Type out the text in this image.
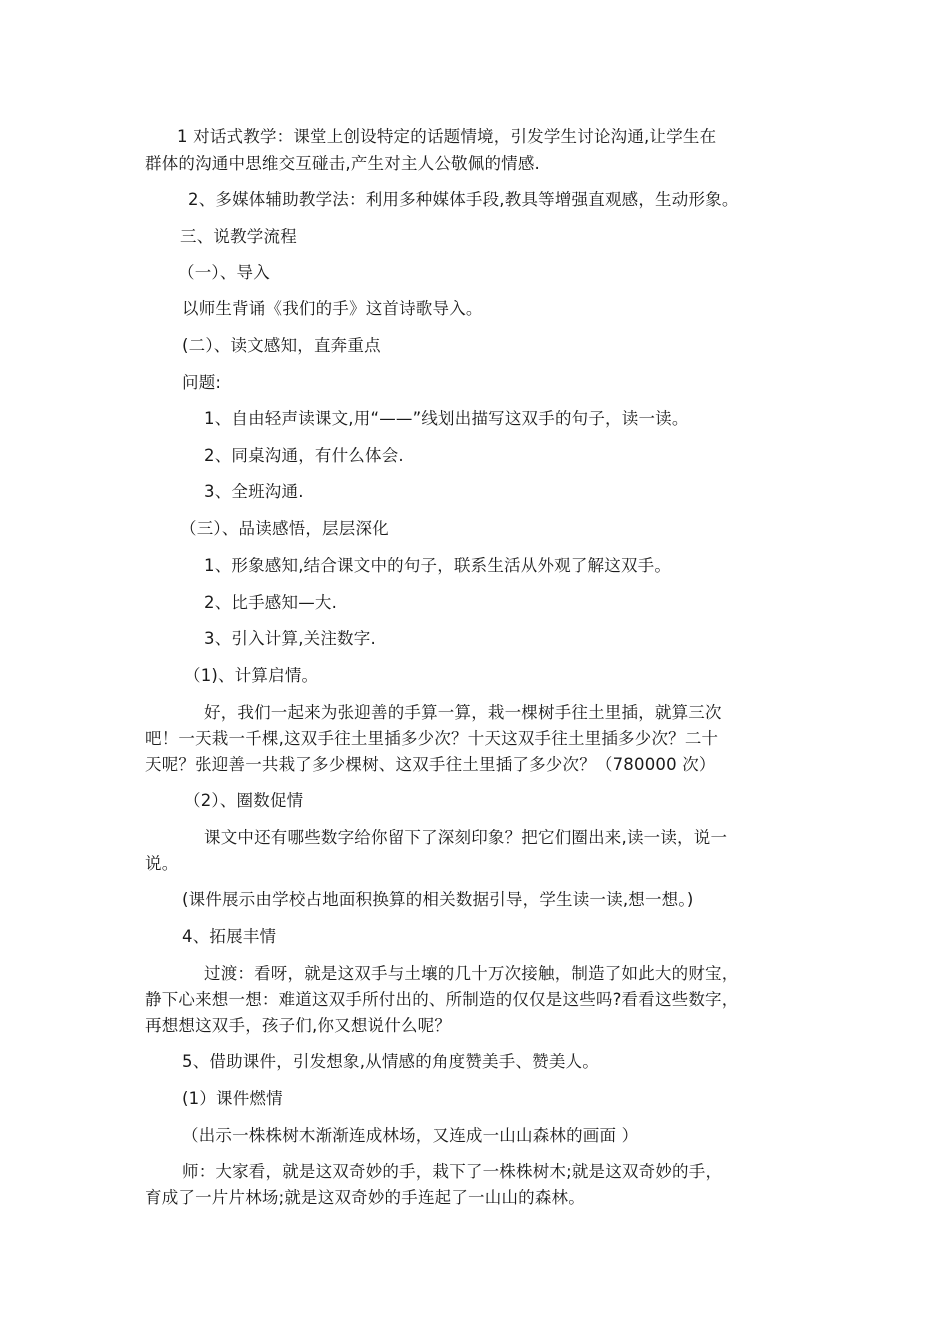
1 对话式教学：课堂上创设特定的话题情境，引发学生讨论沟通,让学生在
群体的沟通中思维交互碰击,产生对主人公敬佩的情感.
2、多媒体辅助教学法：利用多种媒体手段,教具等增强直观感，生动形象。
三、说教学流程
（一）、导入
以师生背诵《我们的手》这首诗歌导入。
(二）、读文感知，直奔重点
问题:
1、自由轻声读课文,用“——”线划出描写这双手的句子，读一读。
2、同桌沟通，有什么体会.
3、全班沟通.
（三）、品读感悟，层层深化
1、形象感知,结合课文中的句子，联系生活从外观了解这双手。
2、比手感知—大.
3、引入计算,关注数字.
（1)、计算启情。
好，我们一起来为张迎善的手算一算，栽一棵树手往土里插，就算三次
吧！一天栽一千棵,这双手往土里插多少次？十天这双手往土里插多少次？二十
天呢？张迎善一共栽了多少棵树、这双手往土里插了多少次？（780000 次）
（2）、圈数促情
课文中还有哪些数字给你留下了深刻印象？把它们圈出来,读一读，说一
说。
(课件展示由学校占地面积换算的相关数据引导，学生读一读,想一想。)
4、拓展丰情
过渡：看呀，就是这双手与土壤的几十万次接触，制造了如此大的财宝，
静下心来想一想：难道这双手所付出的、所制造的仅仅是这些吗?看看这些数字，
再想想这双手，孩子们,你又想说什么呢？
5、借助课件，引发想象,从情感的角度赞美手、赞美人。
(1）课件燃情
（出示一株株树木渐渐连成林场，又连成一山山森林的画面 ）
师：大家看，就是这双奇妙的手，栽下了一株株树木;就是这双奇妙的手，
育成了一片片林场;就是这双奇妙的手连起了一山山的森林。
